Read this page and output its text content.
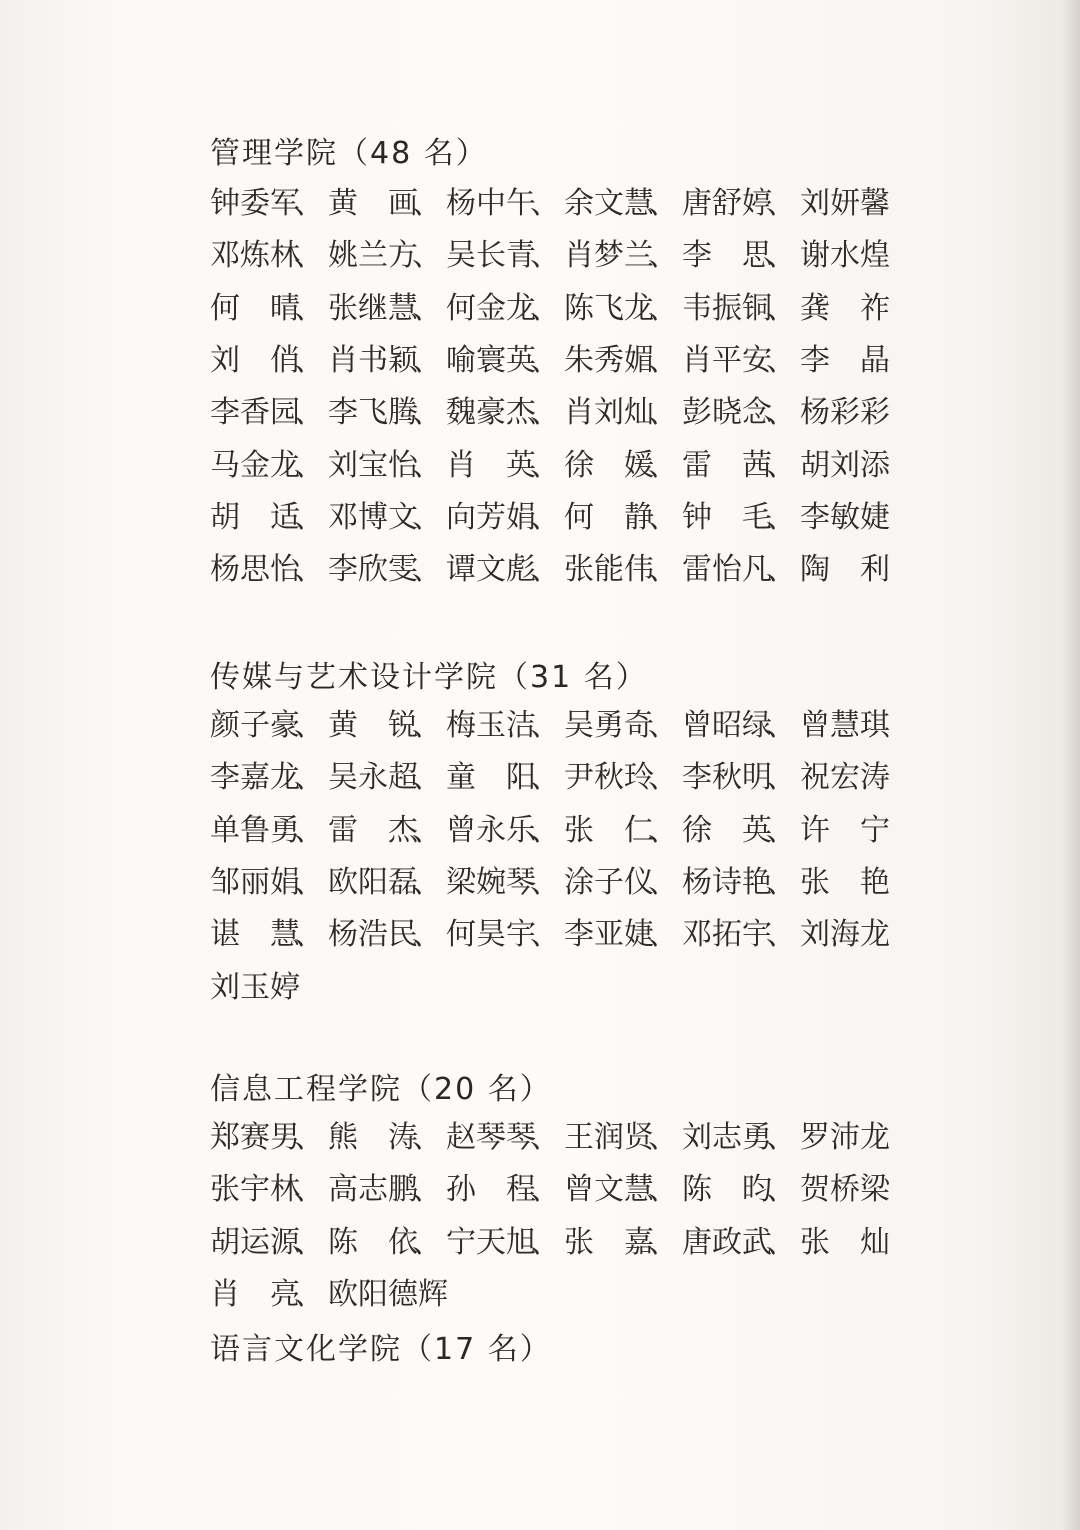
管理学院（48 名）
钟委军、 黄　画、 杨中午、 余文慧、 唐舒婷、 刘妍馨
邓炼林、 姚兰方、 吴长青、 肖梦兰、 李　思、 谢水煌
何　晴、 张继慧、 何金龙、 陈飞龙、 韦振铜、 龚　祚
刘　俏、 肖书颖、 喻寰英、 朱秀媚、 肖平安、 李　晶
李香园、 李飞腾、 魏豪杰、 肖刘灿、 彭晓念、 杨彩彩
马金龙、 刘宝怡、 肖　英、 徐　媛、 雷　茜、 胡刘添
胡　适、 邓博文、 向芳娟、 何　静、 钟　毛、 李敏婕
杨思怡、 李欣雯、 谭文彪、 张能伟、 雷怡凡、 陶　利
传媒与艺术设计学院（31 名）
颜子豪、 黄　锐、 梅玉洁、 吴勇奇、 曾昭绿、 曾慧琪
李嘉龙、 吴永超、 童　阳、 尹秋玲、 李秋明、 祝宏涛
单鲁勇、 雷　杰、 曾永乐、 张　仁、 徐　英、 许　宁
邹丽娟、 欧阳磊、 梁婉琴、 涂子仪、 杨诗艳、 张　艳
谌　慧、 杨浩民、 何昊宇、 李亚婕、 邓拓宇、 刘海龙
刘玉婷
信息工程学院（20 名）
郑赛男、 熊　涛、 赵琴琴、 王润贤、 刘志勇、 罗沛龙
张宇林、 高志鹏、 孙　程、 曾文慧、 陈　昀、 贺桥梁
胡运源、 陈　依、 宁天旭、 张　嘉、 唐政武、 张　灿
肖　亮、 欧阳德辉
语言文化学院（17 名）
